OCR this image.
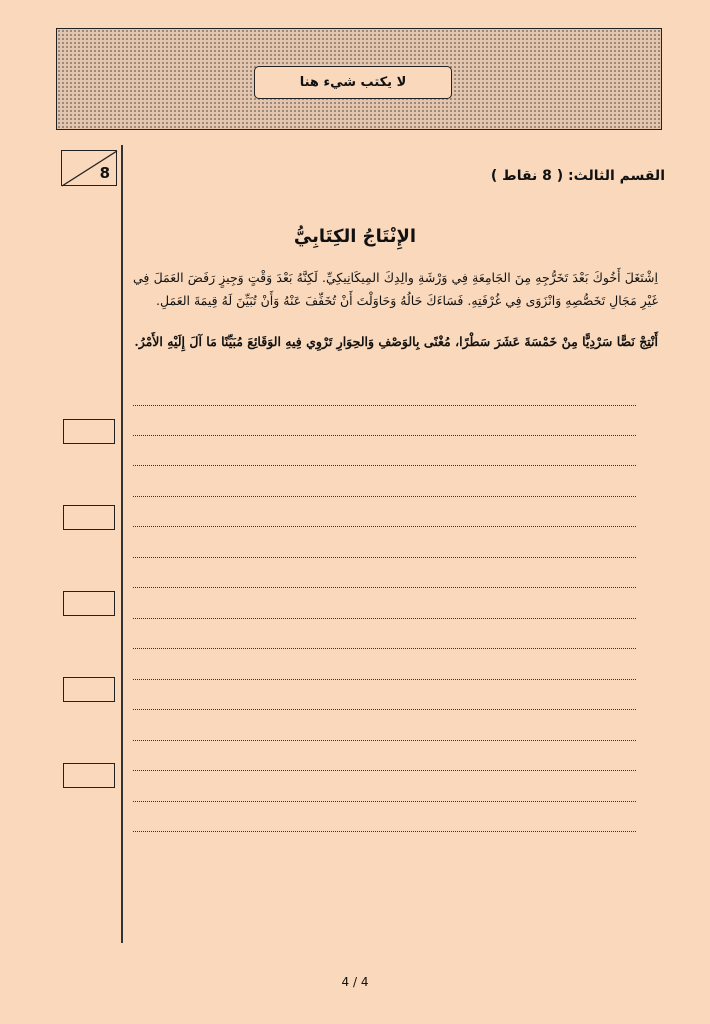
لا يكتب شيء هنا
8	القسم الثالث: ( 8 نقاط )
الإِنْتَاجُ الكِتَابِيُّ
اِشْتَغَلَ أَخُوكَ بَعْدَ تَخَرُّجِهِ مِنَ الجَامِعَةِ فِي وَرْشَةِ والِدِكَ المِيكَانِيكِيِّ. لَكِنَّهُ بَعْدَ وَقْتٍ وَجِيزٍ رَفَضَ العَمَلَ فِي غَيْرِ مَجَالِ تَخَصُّصِهِ وَانْزَوَى فِي غُرْفَتِهِ. فَسَاءَكَ حَالُهُ وَحَاوَلْتَ أَنْ تُخَفِّفَ عَنْهُ وَأَنْ تُبَيِّنَ لَهُ قِيمَةَ العَمَلِ.
أَنْتِجْ نَصًّا سَرْدِيًّا مِنْ خَمْسَةَ عَشَرَ سَطْرًا، مُغْنًى بِالوَصْفِ وَالحِوَارِ تَرْوِي فِيهِ الوَقَائِعَ مُبَيِّنًا مَا آلَ إِلَيْهِ الأَمْرُ.
4 / 4
